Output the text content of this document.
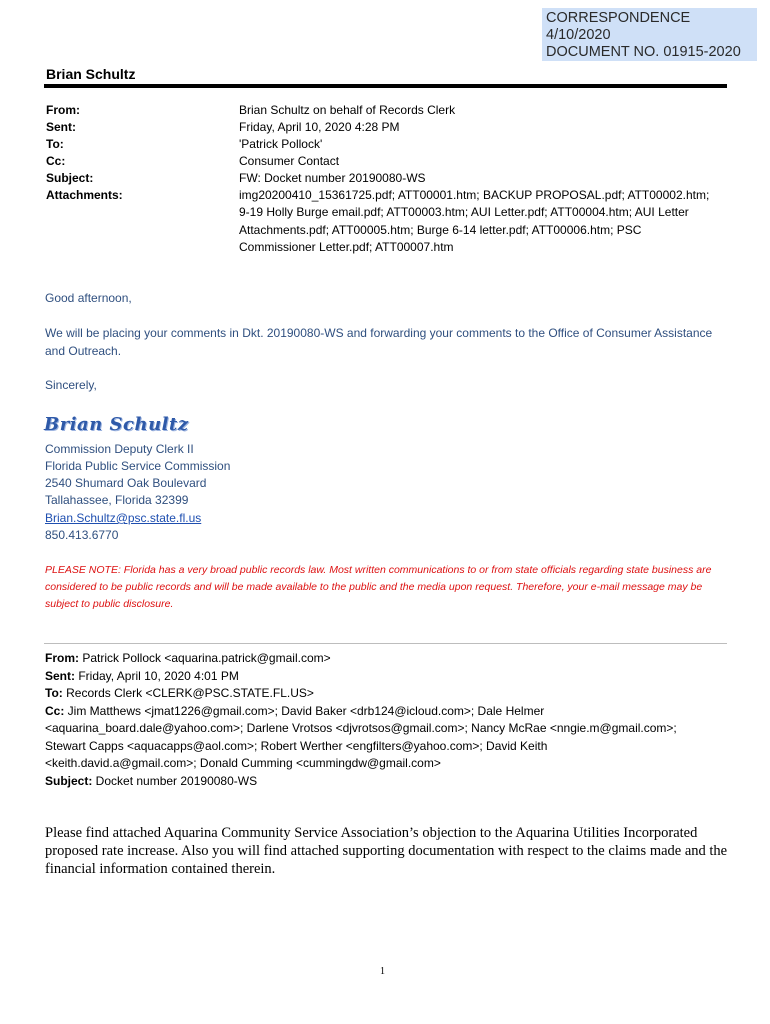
CORRESPONDENCE
4/10/2020
DOCUMENT NO. 01915-2020
Brian Schultz
From:	Brian Schultz on behalf of Records Clerk
Sent:	Friday, April 10, 2020 4:28 PM
To:	'Patrick Pollock'
Cc:	Consumer Contact
Subject:	FW: Docket number 20190080-WS
Attachments:	img20200410_15361725.pdf; ATT00001.htm; BACKUP PROPOSAL.pdf; ATT00002.htm; 9-19 Holly Burge email.pdf; ATT00003.htm; AUI Letter.pdf; ATT00004.htm; AUI Letter Attachments.pdf; ATT00005.htm; Burge 6-14 letter.pdf; ATT00006.htm; PSC Commissioner Letter.pdf; ATT00007.htm
Good afternoon,
We will be placing your comments in Dkt. 20190080-WS and forwarding your comments to the Office of Consumer Assistance and Outreach.
Sincerely,
Brian Schultz
Commission Deputy Clerk II
Florida Public Service Commission
2540 Shumard Oak Boulevard
Tallahassee, Florida 32399
Brian.Schultz@psc.state.fl.us
850.413.6770
PLEASE NOTE: Florida has a very broad public records law. Most written communications to or from state officials regarding state business are considered to be public records and will be made available to the public and the media upon request. Therefore, your e-mail message may be subject to public disclosure.
From: Patrick Pollock <aquarina.patrick@gmail.com>
Sent: Friday, April 10, 2020 4:01 PM
To: Records Clerk <CLERK@PSC.STATE.FL.US>
Cc: Jim Matthews <jmat1226@gmail.com>; David Baker <drb124@icloud.com>; Dale Helmer
<aquarina_board.dale@yahoo.com>; Darlene Vrotsos <djvrotsos@gmail.com>; Nancy McRae <nngie.m@gmail.com>;
Stewart Capps <aquacapps@aol.com>; Robert Werther <engfilters@yahoo.com>; David Keith
<keith.david.a@gmail.com>; Donald Cumming <cummingdw@gmail.com>
Subject: Docket number 20190080-WS
Please find attached Aquarina Community Service Association’s objection to the Aquarina Utilities Incorporated proposed rate increase. Also you will find attached supporting documentation with respect to the claims made and the financial information contained therein.
1
